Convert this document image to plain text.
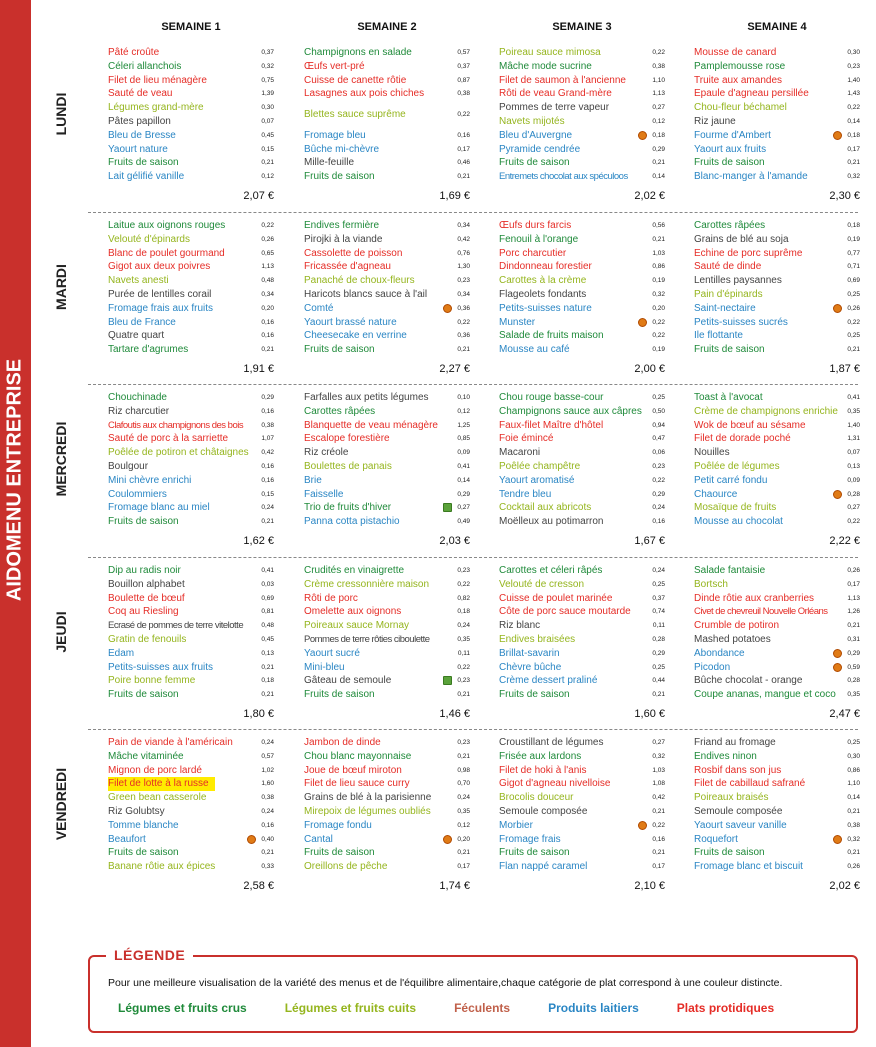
AIDOMENU ENTREPRISE
LÉGENDE
Pour une meilleure visualisation de la variété des menus et de l'équilibre alimentaire,chaque catégorie de plat correspond à une couleur distincte.
Légumes et fruits crus	Légumes et fruits cuits	Féculents	Produits laitiers	Plats protidiques
SEMAINE 1	SEMAINE 2	SEMAINE 3	SEMAINE 4
LUNDI
Pâté croûte	0,37
Céleri allanchois	0,32
Filet de lieu ménagère	0,75
Sauté de veau	1,39
Légumes grand-mère	0,30
Pâtes papillon	0,07
Bleu de Bresse	0,45
Yaourt nature	0,15
Fruits de saison	0,21
Lait gélifié vanille	0,12
2,07 €
Champignons en salade	0,57
Œufs vert-pré	0,37
Cuisse de canette rôtie	0,87
Lasagnes aux pois chiches	0,38
Blettes sauce suprême	0,22
Fromage bleu	0,16
Bûche mi-chèvre	0,17
Mille-feuille	0,46
Fruits de saison	0,21
1,69 €
Poireau sauce mimosa	0,22
Mâche mode sucrine	0,38
Filet de saumon à l'ancienne	1,10
Rôti de veau Grand-mère	1,13
Pommes de terre vapeur	0,27
Navets mijotés	0,12
Bleu d'Auvergne	0,18
Pyramide cendrée	0,29
Fruits de saison	0,21
Entremets chocolat aux spéculoos	0,14
2,02 €
Mousse de canard	0,30
Pamplemousse rose	0,23
Truite aux amandes	1,40
Epaule d'agneau persillée	1,43
Chou-fleur béchamel	0,22
Riz jaune	0,14
Fourme d'Ambert	0,18
Yaourt aux fruits	0,17
Fruits de saison	0,21
Blanc-manger à l'amande	0,32
2,30 €
MARDI
Laitue aux oignons rouges	0,22
Velouté d'épinards	0,26
Blanc de poulet gourmand	0,65
Gigot aux deux poivres	1,13
Navets anesti	0,48
Purée de lentilles corail	0,34
Fromage frais aux fruits	0,20
Bleu de France	0,16
Quatre quart	0,16
Tartare d'agrumes	0,21
1,91 €
Endives fermière	0,34
Pirojki à la viande	0,42
Cassolette de poisson	0,76
Fricassée d'agneau	1,30
Panaché de choux-fleurs	0,23
Haricots blancs sauce à l'ail	0,34
Comté	0,36
Yaourt brassé nature	0,22
Cheesecake en verrine	0,36
Fruits de saison	0,21
2,27 €
Œufs durs farcis	0,56
Fenouil à l'orange	0,21
Porc charcutier	1,03
Dindonneau forestier	0,86
Carottes à la crème	0,19
Flageolets fondants	0,32
Petits-suisses nature	0,20
Munster	0,22
Salade de fruits maison	0,22
Mousse au café	0,19
2,00 €
Carottes râpées	0,18
Grains de blé au soja	0,19
Echine de porc suprême	0,77
Sauté de dinde	0,71
Lentilles paysannes	0,69
Pain d'épinards	0,25
Saint-nectaire	0,26
Petits-suisses sucrés	0,22
Ile flottante	0,25
Fruits de saison	0,21
1,87 €
MERCREDI
Chouchinade	0,29
Riz charcutier	0,16
Clafoutis aux champignons des bois	0,38
Sauté de porc à la sarriette	1,07
Poêlée de potiron et châtaignes 0,42
Boulgour	0,16
Mini chèvre enrichi	0,16
Coulommiers	0,15
Fromage blanc au miel	0,24
Fruits de saison	0,21
1,62 €
Farfalles aux petits légumes	0,10
Carottes râpées	0,12
Blanquette de veau ménagère	1,25
Escalope forestière	0,85
Riz créole	0,09
Boulettes de panais	0,41
Brie	0,14
Faisselle	0,29
Trio de fruits d'hiver	0,27
Panna cotta pistachio	0,49
2,03 €
Chou rouge basse-cour	0,25
Champignons sauce aux câpres 0,50
Faux-filet Maître d'hôtel	0,94
Foie émincé	0,47
Macaroni	0,06
Poêlée champêtre	0,23
Yaourt aromatisé	0,22
Tendre bleu	0,29
Cocktail aux abricots	0,24
Moëlleux au potimarron	0,16
1,67 €
Toast à l'avocat	0,41
Crème de champignons enrichie 0,35
Wok de bœuf au sésame	1,40
Filet de dorade poché	1,31
Nouilles	0,07
Poêlée de légumes	0,13
Petit carré fondu	0,09
Chaource	0,28
Mosaïque de fruits	0,27
Mousse au chocolat	0,22
2,22 €
JEUDI
Dip au radis noir	0,41
Bouillon alphabet	0,03
Boulette de bœuf	0,69
Coq au Riesling	0,81
Ecrasé de pommes de terre vitelotte	0,48
Gratin de fenouils	0,45
Edam	0,13
Petits-suisses aux fruits	0,21
Poire bonne femme	0,18
Fruits de saison	0,21
1,80 €
Crudités en vinaigrette	0,23
Crème cressonnière maison	0,22
Rôti de porc	0,82
Omelette aux oignons	0,18
Poireaux sauce Mornay	0,24
Pommes de terre rôties ciboulette	0,35
Yaourt sucré	0,11
Mini-bleu	0,22
Gâteau de semoule	0,23
Fruits de saison	0,21
1,46 €
Carottes et céleri râpés	0,24
Velouté de cresson	0,25
Cuisse de poulet marinée	0,37
Côte de porc sauce moutarde	0,74
Riz blanc	0,11
Endives braisées	0,28
Brillat-savarin	0,29
Chèvre bûche	0,25
Crème dessert praliné	0,44
Fruits de saison	0,21
1,60 €
Salade fantaisie	0,26
Bortsch	0,17
Dinde rôtie aux cranberries	1,13
Civet de chevreuil Nouvelle Orléans	1,26
Crumble de potiron	0,21
Mashed potatoes	0,31
Abondance	0,29
Picodon	0,59
Bûche chocolat - orange	0,28
Coupe ananas, mangue et coco 0,35
2,47 €
VENDREDI
Pain de viande à l'américain	0,24
Mâche vitaminée	0,57
Mignon de porc lardé	1,02
Filet de lotte à la russe	1,60
Green bean casserole	0,38
Riz Golubtsy	0,24
Tomme blanche	0,16
Beaufort	0,40
Fruits de saison	0,21
Banane rôtie aux épices	0,33
2,58 €
Jambon de dinde	0,23
Chou blanc mayonnaise	0,21
Joue de bœuf miroton	0,98
Filet de lieu sauce curry	0,70
Grains de blé à la parisienne	0,24
Mirepoix de légumes oubliés	0,35
Fromage fondu	0,12
Cantal	0,20
Fruits de saison	0,21
Oreillons de pêche	0,17
1,74 €
Croustillant de légumes	0,27
Frisée aux lardons	0,32
Filet de hoki à l'anis	1,03
Gigot d'agneau nivelloise	1,08
Brocolis douceur	0,42
Semoule composée	0,21
Morbier	0,22
Fromage frais	0,16
Fruits de saison	0,21
Flan nappé caramel	0,17
2,10 €
Friand au fromage	0,25
Endives ninon	0,30
Rosbif dans son jus	0,86
Filet de cabillaud safrané	1,10
Poireaux braisés	0,14
Semoule composée	0,21
Yaourt saveur vanille	0,38
Roquefort	0,32
Fruits de saison	0,21
Fromage blanc et biscuit	0,26
2,02 €
